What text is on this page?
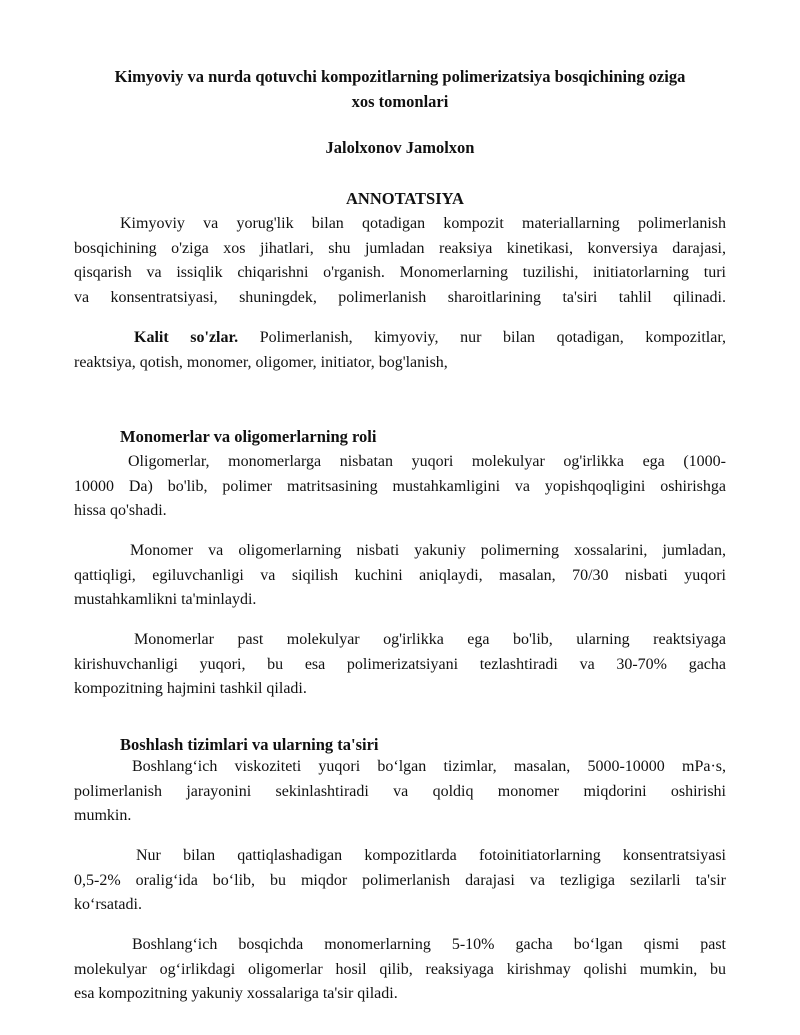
Kimyoviy va nurda qotuvchi kompozitlarning polimerizatsiya bosqichining oziga
xos tomonlari
Jalolxonov Jamolxon
ANNOTATSIYA
Kimyoviy va yorug'lik bilan qotadigan kompozit materiallarning polimerlanish
bosqichining o'ziga xos jihatlari, shu jumladan reaksiya kinetikasi, konversiya darajasi,
qisqarish va issiqlik chiqarishni o'rganish. Monomerlarning tuzilishi, initiatorlarning turi
va konsentratsiyasi, shuningdek, polimerlanish sharoitlarining ta'siri tahlil qilinadi.
Kalit so'zlar. Polimerlanish, kimyoviy, nur bilan qotadigan, kompozitlar,
reaktsiya, qotish, monomer, oligomer, initiator, bog'lanish,
Monomerlar va oligomerlarning roli
Oligomerlar, monomerlarga nisbatan yuqori molekulyar og'irlikka ega (1000-
10000 Da) bo'lib, polimer matritsasining mustahkamligini va yopishqoqligini oshirishga
hissa qo'shadi.
Monomer va oligomerlarning nisbati yakuniy polimerning xossalarini, jumladan,
qattiqligi, egiluvchanligi va siqilish kuchini aniqlaydi, masalan, 70/30 nisbati yuqori
mustahkamlikni ta'minlaydi.
Monomerlar past molekulyar og'irlikka ega bo'lib, ularning reaktsiyaga
kirishuvchanligi yuqori, bu esa polimerizatsiyani tezlashtiradi va 30-70% gacha
kompozitning hajmini tashkil qiladi.
Boshlash tizimlari va ularning ta'siri
Boshlang‘ich viskoziteti yuqori bo‘lgan tizimlar, masalan, 5000-10000 mPa·s,
polimerlanish jarayonini sekinlashtiradi va qoldiq monomer miqdorini oshirishi
mumkin.
Nur bilan qattiqlashadigan kompozitlarda fotoinitiatorlarning konsentratsiyasi
0,5-2% oralig‘ida bo‘lib, bu miqdor polimerlanish darajasi va tezligiga sezilarli ta'sir
ko‘rsatadi.
Boshlang‘ich bosqichda monomerlarning 5-10% gacha bo‘lgan qismi past
molekulyar og‘irlikdagi oligomerlar hosil qilib, reaksiyaga kirishmay qolishi mumkin, bu
esa kompozitning yakuniy xossalariga ta'sir qiladi.
